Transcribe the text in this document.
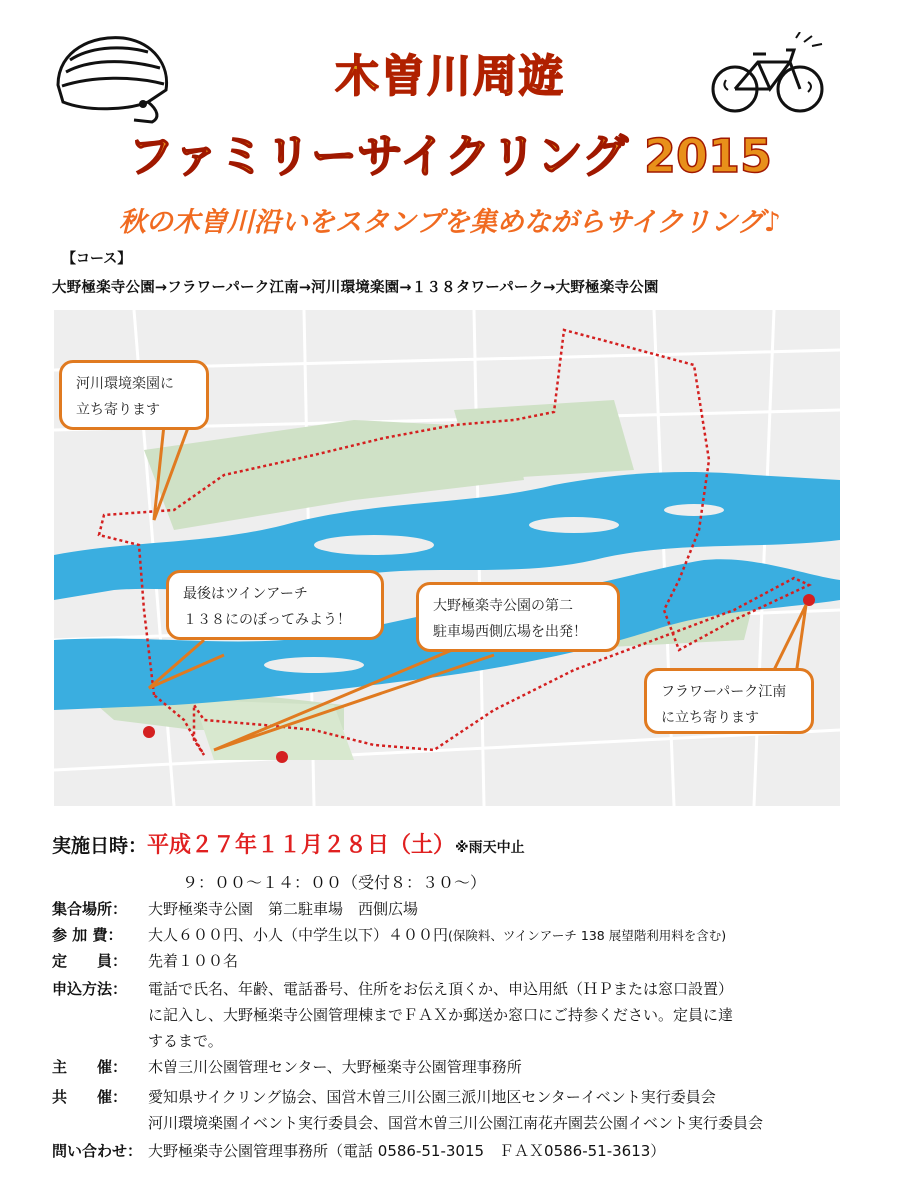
木曽川周遊
ファミリーサイクリング 2015
秋の木曽川沿いをスタンプを集めながらサイクリング♪
【コース】
大野極楽寺公園→フラワーパーク江南→河川環境楽園→１３８タワーパーク→大野極楽寺公園
河川環境楽園に
立ち寄ります
最後はツインアーチ
１３８にのぼってみよう！
大野極楽寺公園の第二
駐車場西側広場を出発！
フラワーパーク江南
に立ち寄ります
実施日時：平成２７年１１月２８日（土）※雨天中止
９：００〜１４：００（受付８：３０〜）
集合場所： 大野極楽寺公園　第二駐車場　西側広場
参 加 費： 大人６００円、小人（中学生以下）４００円(保険料、ツインアーチ 138 展望階利用料を含む)
定　　員： 先着１００名
申込方法： 電話で氏名、年齢、電話番号、住所をお伝え頂くか、申込用紙（ＨＰまたは窓口設置）
に記入し、大野極楽寺公園管理棟までＦＡＸか郵送か窓口にご持参ください。定員に達
するまで。
主　　催： 木曽三川公園管理センター、大野極楽寺公園管理事務所
共　　催： 愛知県サイクリング協会、国営木曽三川公園三派川地区センターイベント実行委員会
河川環境楽園イベント実行委員会、国営木曽三川公園江南花卉園芸公園イベント実行委員会
問い合わせ： 大野極楽寺公園管理事務所（電話 0586-51-3015　ＦＡＸ0586-51-3613）
